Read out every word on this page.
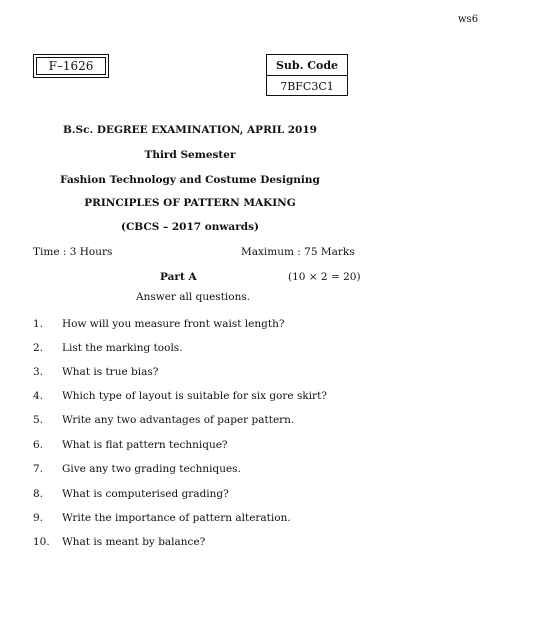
ws6
F–1626	Sub. Code
7BFC3C1
B.Sc. DEGREE EXAMINATION, APRIL 2019
Third Semester
Fashion Technology and Costume Designing
PRINCIPLES OF PATTERN MAKING
(CBCS – 2017 onwards)
Time : 3 Hours	Maximum : 75 Marks
Part A	(10 × 2 = 20)
Answer all questions.
1. How will you measure front waist length?
2. List the marking tools.
3. What is true bias?
4. Which type of layout is suitable for six gore skirt?
5. Write any two advantages of paper pattern.
6. What is flat pattern technique?
7. Give any two grading techniques.
8. What is computerised grading?
9. Write the importance of pattern alteration.
10. What is meant by balance?
